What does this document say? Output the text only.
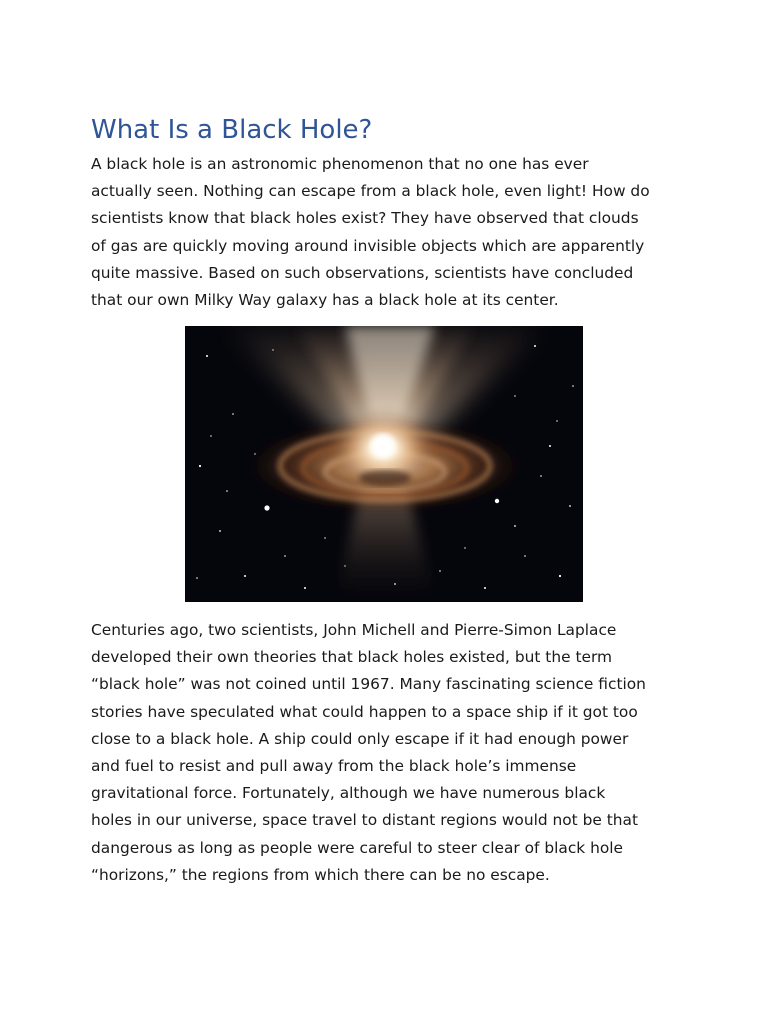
What Is a Black Hole?

A black hole is an astronomic phenomenon that no one has ever
actually seen. Nothing can escape from a black hole, even light! How do
scientists know that black holes exist? They have observed that clouds
of gas are quickly moving around invisible objects which are apparently
quite massive. Based on such observations, scientists have concluded
that our own Milky Way galaxy has a black hole at its center.

Centuries ago, two scientists, John Michell and Pierre-Simon Laplace
developed their own theories that black holes existed, but the term
“black hole” was not coined until 1967. Many fascinating science fiction
stories have speculated what could happen to a space ship if it got too
close to a black hole. A ship could only escape if it had enough power
and fuel to resist and pull away from the black hole’s immense
gravitational force. Fortunately, although we have numerous black
holes in our universe, space travel to distant regions would not be that
dangerous as long as people were careful to steer clear of black hole
“horizons,” the regions from which there can be no escape.
